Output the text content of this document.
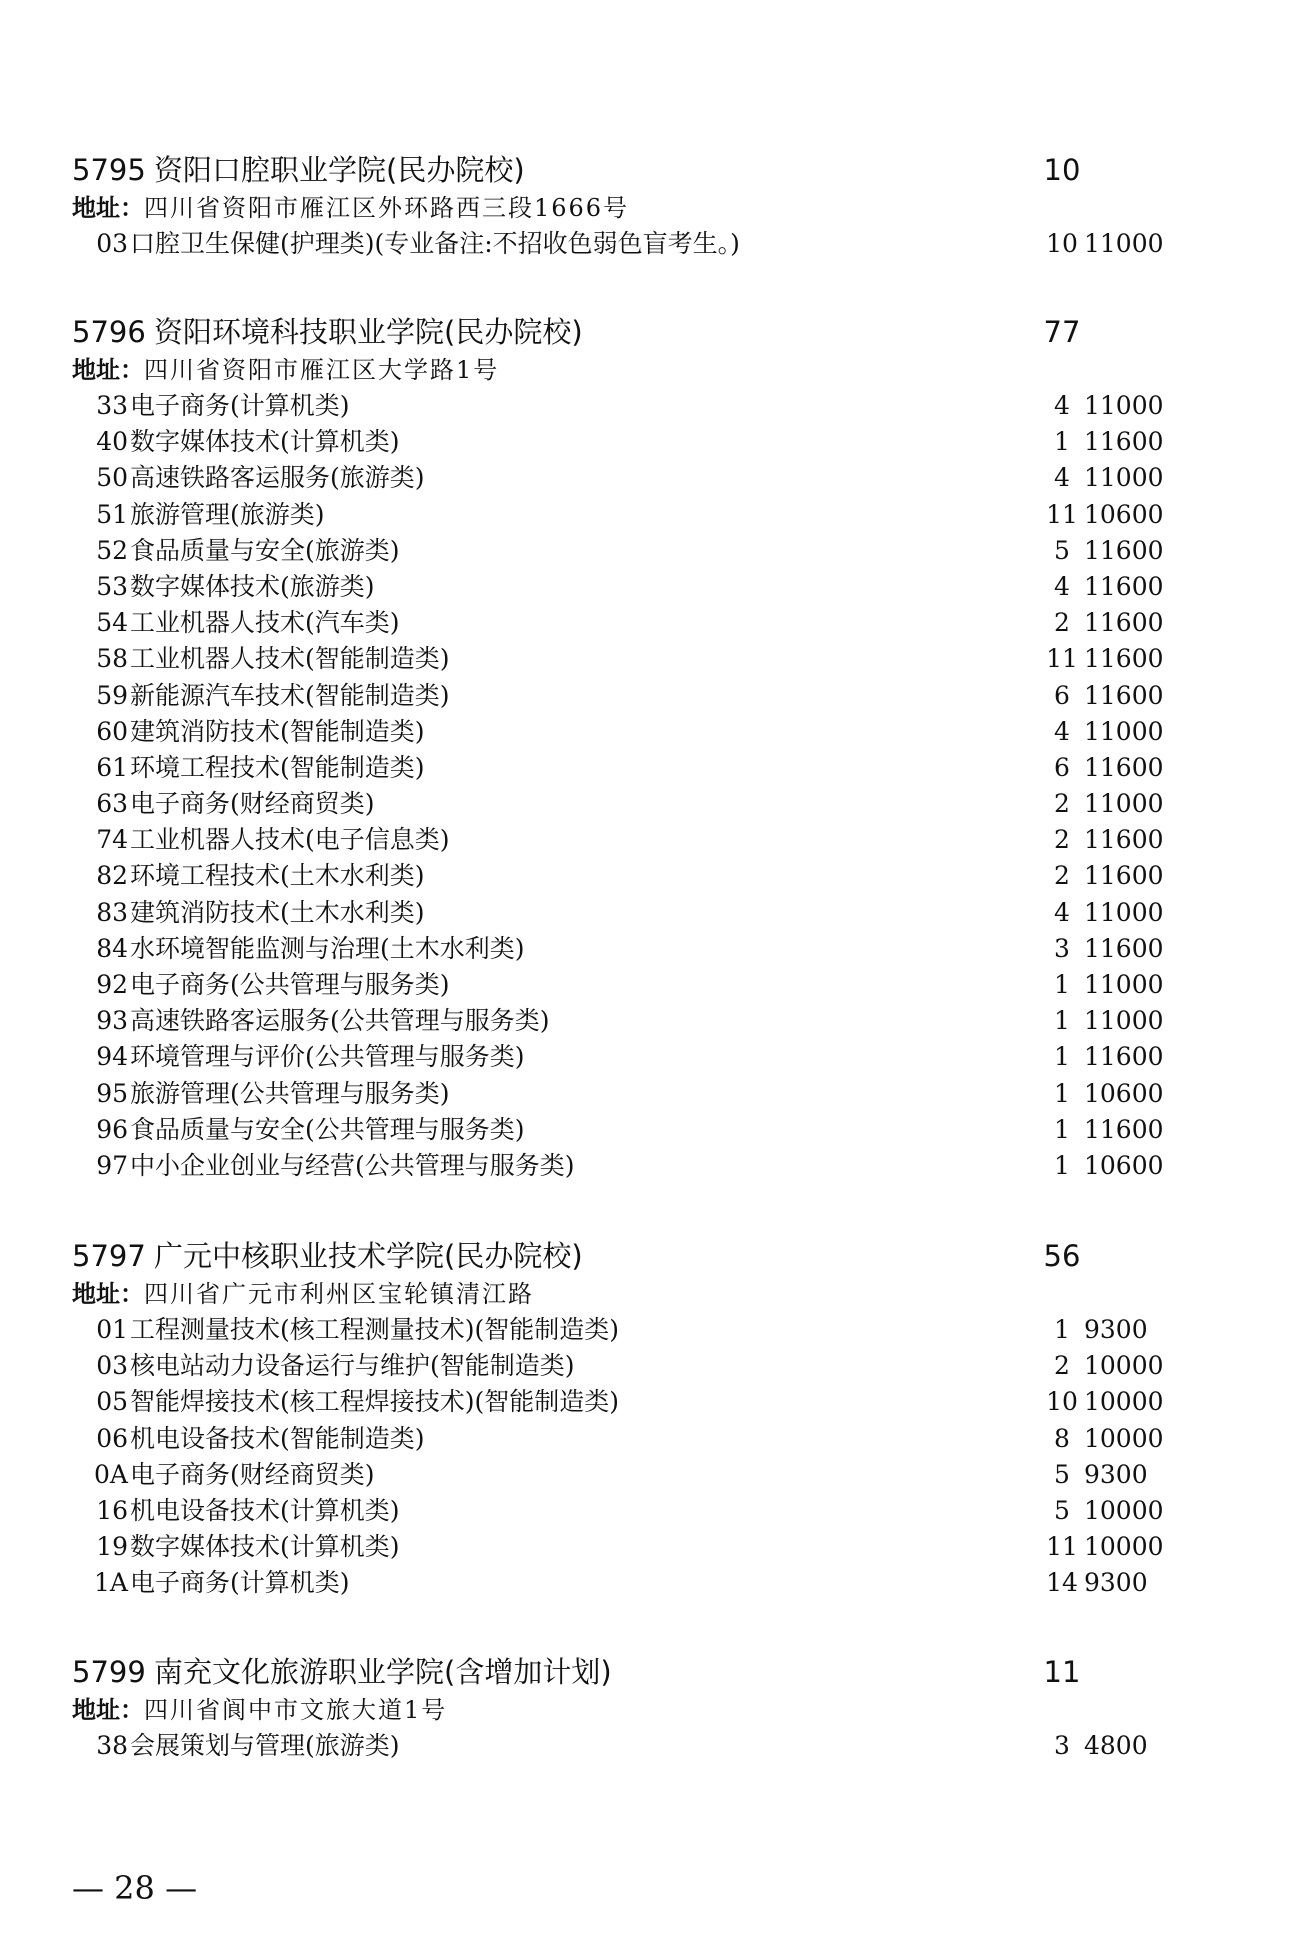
5795 资阳口腔职业学院(民办院校)	10
地址：四川省资阳市雁江区外环路西三段1666号
03 口腔卫生保健(护理类)(专业备注:不招收色弱色盲考生。)	10 11000
5796 资阳环境科技职业学院(民办院校)	77
地址：四川省资阳市雁江区大学路1号
33 电子商务(计算机类)	4 11000
40 数字媒体技术(计算机类)	1 11600
50 高速铁路客运服务(旅游类)	4 11000
51 旅游管理(旅游类)	11 10600
52 食品质量与安全(旅游类)	5 11600
53 数字媒体技术(旅游类)	4 11600
54 工业机器人技术(汽车类)	2 11600
58 工业机器人技术(智能制造类)	11 11600
59 新能源汽车技术(智能制造类)	6 11600
60 建筑消防技术(智能制造类)	4 11000
61 环境工程技术(智能制造类)	6 11600
63 电子商务(财经商贸类)	2 11000
74 工业机器人技术(电子信息类)	2 11600
82 环境工程技术(土木水利类)	2 11600
83 建筑消防技术(土木水利类)	4 11000
84 水环境智能监测与治理(土木水利类)	3 11600
92 电子商务(公共管理与服务类)	1 11000
93 高速铁路客运服务(公共管理与服务类)	1 11000
94 环境管理与评价(公共管理与服务类)	1 11600
95 旅游管理(公共管理与服务类)	1 10600
96 食品质量与安全(公共管理与服务类)	1 11600
97 中小企业创业与经营(公共管理与服务类)	1 10600
5797 广元中核职业技术学院(民办院校)	56
地址：四川省广元市利州区宝轮镇清江路
01 工程测量技术(核工程测量技术)(智能制造类)	1 9300
03 核电站动力设备运行与维护(智能制造类)	2 10000
05 智能焊接技术(核工程焊接技术)(智能制造类)	10 10000
06 机电设备技术(智能制造类)	8 10000
0A 电子商务(财经商贸类)	5 9300
16 机电设备技术(计算机类)	5 10000
19 数字媒体技术(计算机类)	11 10000
1A 电子商务(计算机类)	14 9300
5799 南充文化旅游职业学院(含增加计划)	11
地址：四川省阆中市文旅大道1号
38 会展策划与管理(旅游类)	3 4800
— 28 —
